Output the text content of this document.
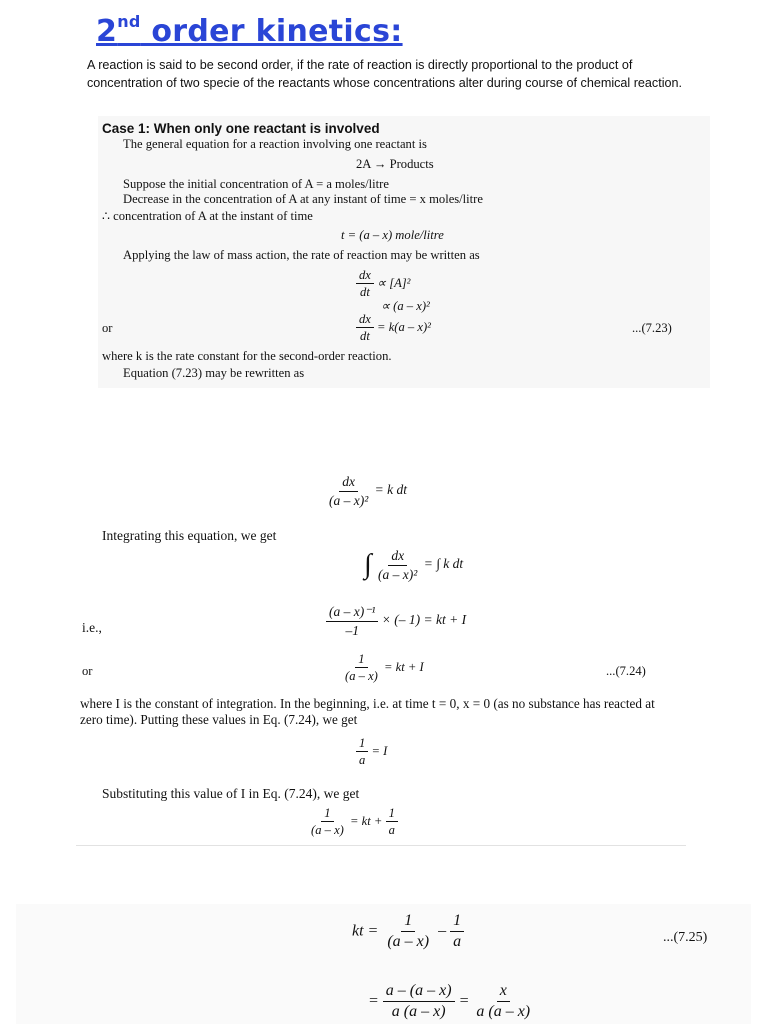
2nd order kinetics:
A reaction is said to be second order, if the rate of reaction is directly proportional to the product of concentration of two specie of the reactants whose concentrations alter during course of chemical reaction.
Case 1: When only one reactant is involved
The general equation for a reaction involving one reactant is
2A → Products
Suppose the initial concentration of A = a moles/litre
Decrease in the concentration of A at any instant of time = x moles/litre
∴ concentration of A at the instant of time
t = (a – x) mole/litre
Applying the law of mass action, the rate of reaction may be written as
$\frac{dx}{dt} \propto [A]^2$
∝ (a – x)²
or	$\frac{dx}{dt} = k(a - x)^2$	...(7.23)
where k is the rate constant for the second-order reaction.
Equation (7.23) may be rewritten as
$\frac{dx}{\text{(a – x)²}} = k$ dt
Integrating this equation, we get
∫ $\frac{dx}{\text{(a – x)²}}$ = ∫ k dt
i.e.,	$\frac{\text{(a – x)⁻¹}}{-1}$ × (– 1) = kt + I
or	$\frac{1}{(a - x)}$ = kt + I	...(7.24)
where I is the constant of integration. In the beginning, i.e. at time t = 0, x = 0 (as no substance has reacted at zero time). Putting these values in Eq. (7.24), we get
$\frac{1}{a} = I$
Substituting this value of I in Eq. (7.24), we get
$\frac{1}{(a - x)}$ = kt + $\frac{1}{a}$
kt = $\frac{1}{(a - x)} - \frac{1}{a}$	...(7.25)
= $\frac{a - (a - x)}{a (a - x)} = \frac{x}{a (a - x)}$
